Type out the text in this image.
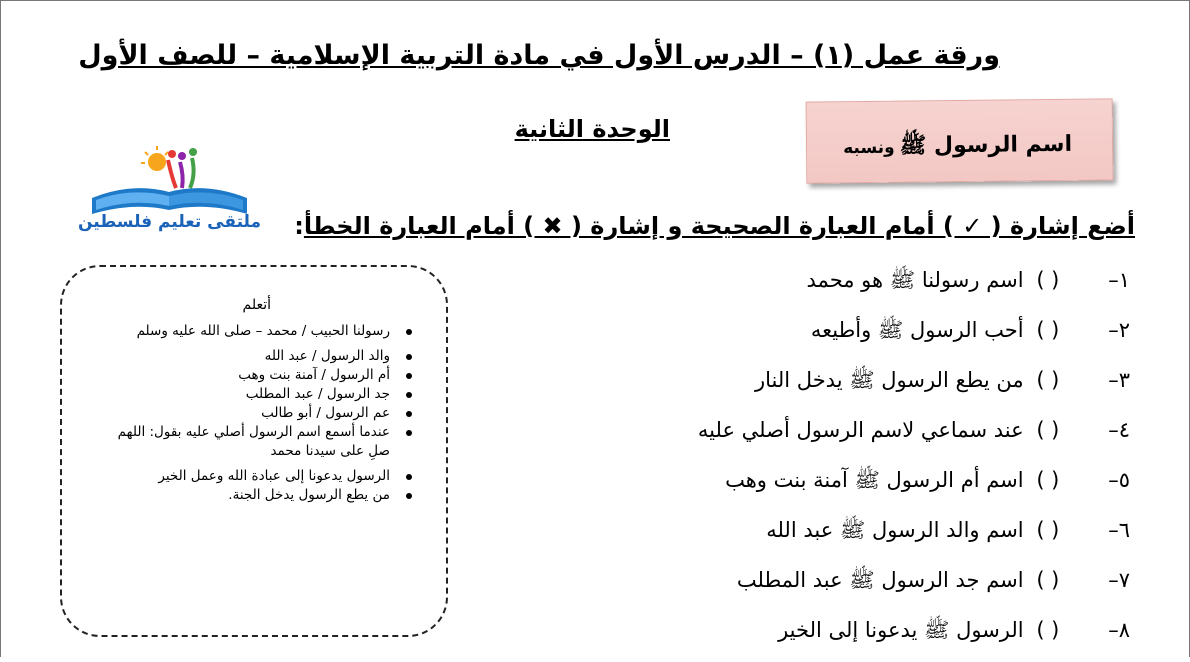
ورقة عمل (١) – الدرس الأول في مادة التربية الإسلامية – للصف الأول
اسم الرسول ﷺ ونسبه
الوحدة الثانية
ملتقى تعليم فلسطين أضع إشارة ( ✓ ) أمام العبارة الصحيحة و إشارة ( ✖ ) أمام العبارة الخطأ:
١– ( ) اسم رسولنا ﷺ هو محمد
٢– ( ) أحب الرسول ﷺ وأطيعه
٣– ( ) من يطع الرسول ﷺ يدخل النار
٤– ( ) عند سماعي لاسم الرسول أصلي عليه
٥– ( ) اسم أم الرسول ﷺ آمنة بنت وهب
٦– ( ) اسم والد الرسول ﷺ عبد الله
٧– ( ) اسم جد الرسول ﷺ عبد المطلب
٨– ( ) الرسول ﷺ يدعونا إلى الخير
أتعلم
رسولنا الحبيب / محمد – صلى الله عليه وسلم
والد الرسول / عبد الله
أم الرسول / آمنة بنت وهب
جد الرسول / عبد المطلب
عم الرسول / أبو طالب
عندما أسمع اسم الرسول أصلي عليه بقول: اللهم صلِ على سيدنا محمد
الرسول يدعونا إلى عبادة الله وعمل الخير
من يطع الرسول يدخل الجنة.
